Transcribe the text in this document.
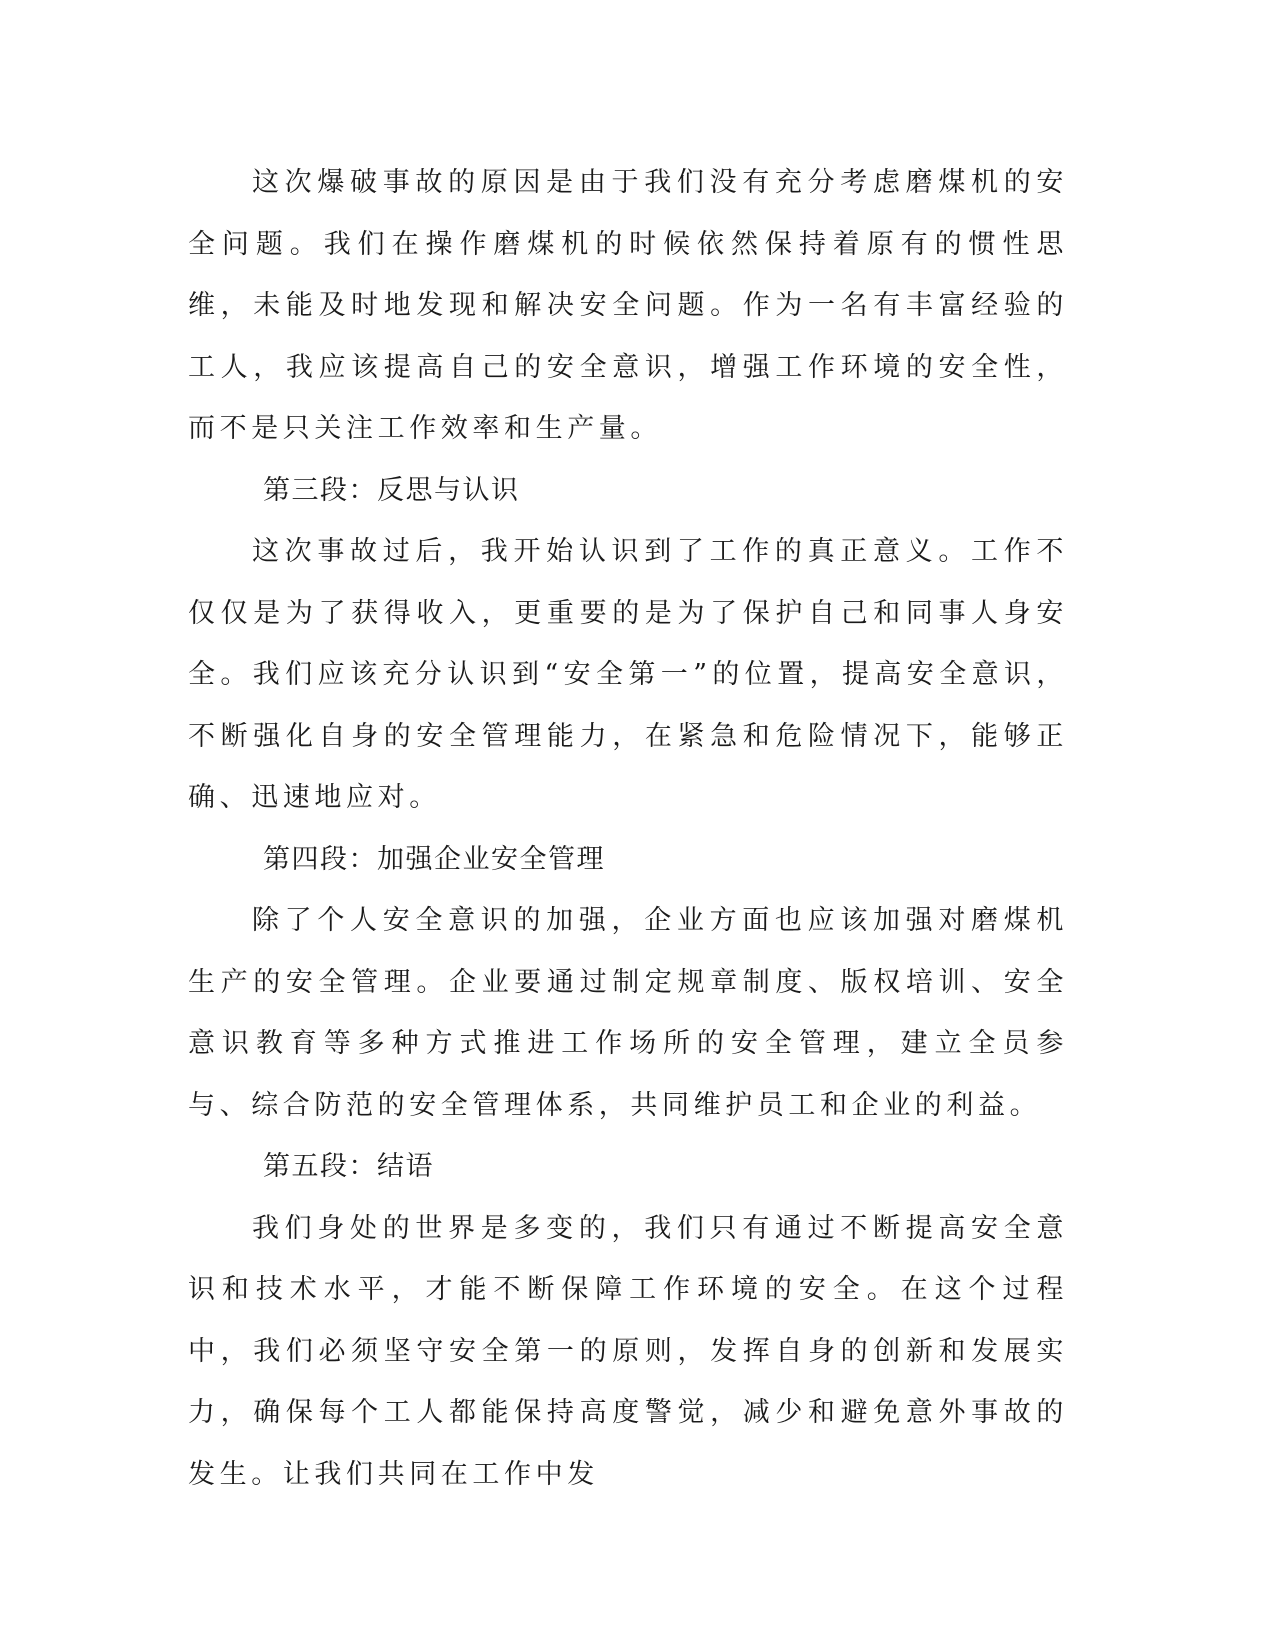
这次爆破事故的原因是由于我们没有充分考虑磨煤机的安全问题。我们在操作磨煤机的时候依然保持着原有的惯性思维，未能及时地发现和解决安全问题。作为一名有丰富经验的工人，我应该提高自己的安全意识，增强工作环境的安全性，而不是只关注工作效率和生产量。

第三段：反思与认识

这次事故过后，我开始认识到了工作的真正意义。工作不仅仅是为了获得收入，更重要的是为了保护自己和同事人身安全。我们应该充分认识到“安全第一”的位置，提高安全意识，不断强化自身的安全管理能力，在紧急和危险情况下，能够正确、迅速地应对。

第四段：加强企业安全管理

除了个人安全意识的加强，企业方面也应该加强对磨煤机生产的安全管理。企业要通过制定规章制度、版权培训、安全意识教育等多种方式推进工作场所的安全管理，建立全员参与、综合防范的安全管理体系，共同维护员工和企业的利益。

第五段：结语

我们身处的世界是多变的，我们只有通过不断提高安全意识和技术水平，才能不断保障工作环境的安全。在这个过程中，我们必须坚守安全第一的原则，发挥自身的创新和发展实力，确保每个工人都能保持高度警觉，减少和避免意外事故的发生。让我们共同在工作中发
